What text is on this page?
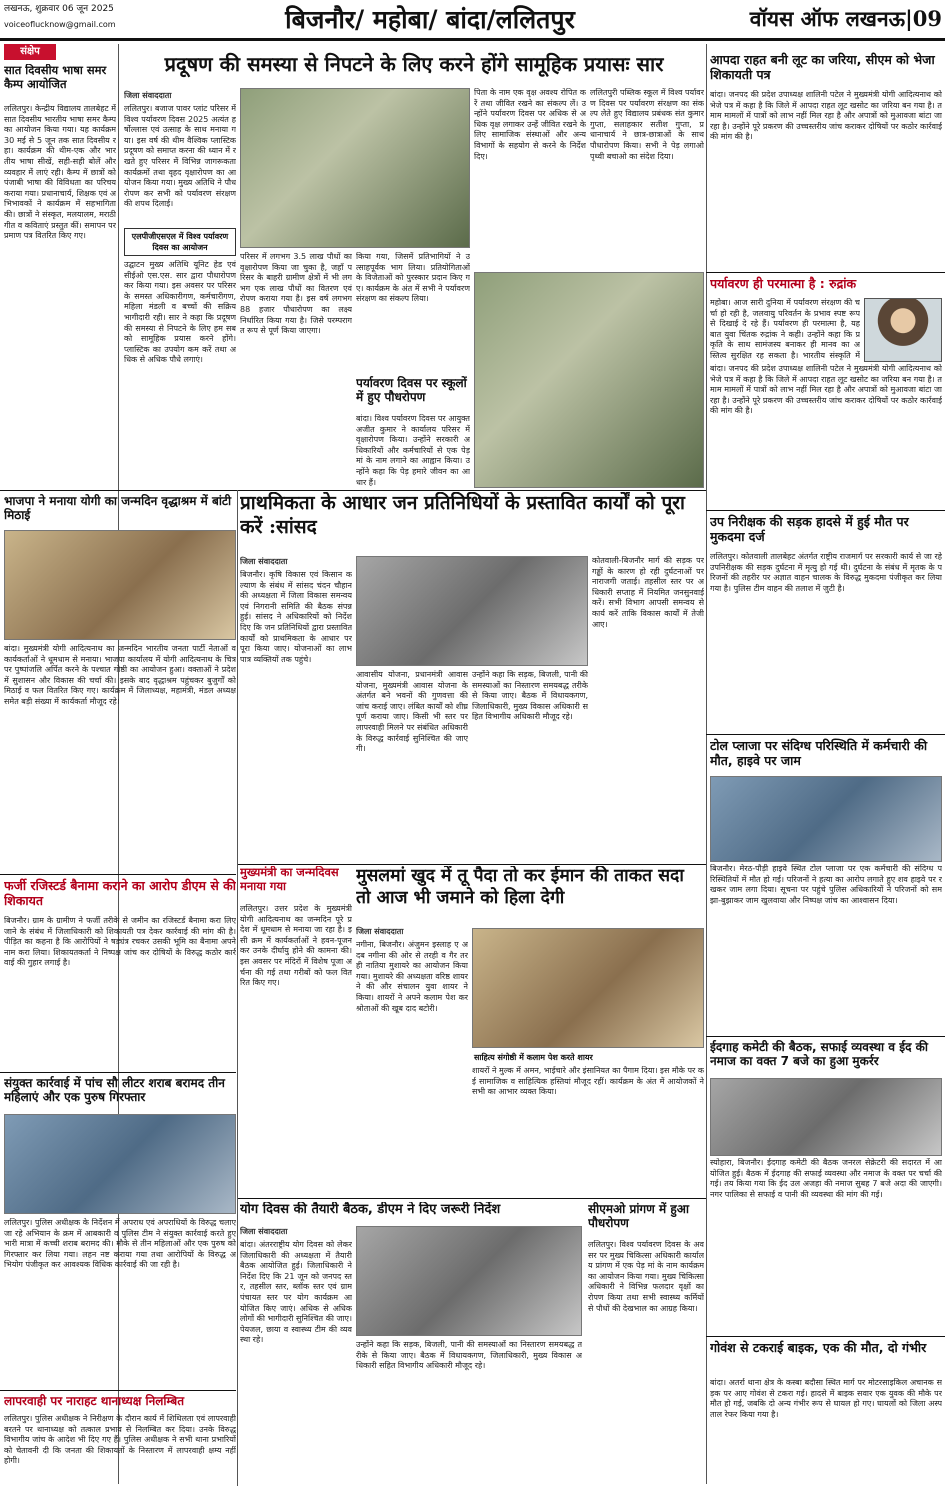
लखनऊ, शुक्रवार 06 जून 2025
voiceoflucknow@gmail.com	बिजनौर/ महोबा/ बांदा/ललितपुर	वॉयस ऑफ लखनऊ|09
संक्षेप
सात दिवसीय भाषा समर कैम्प आयोजित
ललितपुर। केन्द्रीय विद्यालय तालबेहट में सात दिवसीय भारतीय भाषा समर कैम्प का आयोजन किया गया। यह कार्यक्रम 30 मई से 5 जून तक सात दिवसीय रहा। कार्यक्रम की थीम-एक और भारतीय भाषा सीखें, सही-सही बोलें और व्यवहार में लाएं रही। कैम्प में छात्रों को पंजाबी भाषा की विविधता का परिचय कराया गया। प्रधानाचार्य, शिक्षक एवं अभिभावकों ने कार्यक्रम में सहभागिता की। छात्रों ने संस्कृत, मलयालम, मराठी गीत व कविताएं प्रस्तुत कीं। समापन पर प्रमाण पत्र वितरित किए गए।
भाजपा ने मनाया योगी का जन्मदिन वृद्धाश्रम में बांटी मिठाई
बांदा। मुख्यमंत्री योगी आदित्यनाथ का जन्मदिन भारतीय जनता पार्टी नेताओं व कार्यकर्ताओं ने धूमधाम से मनाया। भाजपा कार्यालय में योगी आदित्यनाथ के चित्र पर पुष्पांजलि अर्पित करने के पश्चात गोष्ठी का आयोजन हुआ। वक्ताओं ने प्रदेश में सुशासन और विकास की चर्चा की। इसके बाद वृद्धाश्रम पहुंचकर बुजुर्गों को मिठाई व फल वितरित किए गए। कार्यक्रम में जिलाध्यक्ष, महामंत्री, मंडल अध्यक्ष समेत बड़ी संख्या में कार्यकर्ता मौजूद रहे।
फर्जी रजिस्टर्ड बैनामा कराने का आरोप डीएम से की शिकायत
बिजनौर। ग्राम के ग्रामीण ने फर्जी तरीके से जमीन का रजिस्टर्ड बैनामा करा लिए जाने के संबंध में जिलाधिकारी को शिकायती पत्र देकर कार्रवाई की मांग की है। पीड़ित का कहना है कि आरोपियों ने षड्यंत्र रचकर उसकी भूमि का बैनामा अपने नाम करा लिया। शिकायतकर्ता ने निष्पक्ष जांच कर दोषियों के विरुद्ध कठोर कार्रवाई की गुहार लगाई है।
संयुक्त कार्रवाई में पांच सौ लीटर शराब बरामद तीन महिलाएं और एक पुरुष गिरफ्तार
ललितपुर। पुलिस अधीक्षक के निर्देशन में अपराध एवं अपराधियों के विरुद्ध चलाए जा रहे अभियान के क्रम में आबकारी व पुलिस टीम ने संयुक्त कार्रवाई करते हुए भारी मात्रा में कच्ची शराब बरामद की। मौके से तीन महिलाओं और एक पुरुष को गिरफ्तार कर लिया गया। लहन नष्ट कराया गया तथा आरोपियों के विरुद्ध अभियोग पंजीकृत कर आवश्यक विधिक कार्रवाई की जा रही है।
लापरवाही पर नाराहट थानाध्यक्ष निलम्बित
ललितपुर। पुलिस अधीक्षक ने निरीक्षण के दौरान कार्य में शिथिलता एवं लापरवाही बरतने पर थानाध्यक्ष को तत्काल प्रभाव से निलम्बित कर दिया। उनके विरुद्ध विभागीय जांच के आदेश भी दिए गए हैं। पुलिस अधीक्षक ने सभी थाना प्रभारियों को चेतावनी दी कि जनता की शिकायतों के निस्तारण में लापरवाही क्षम्य नहीं होगी।
प्रदूषण की समस्या से निपटने के लिए करने होंगे सामूहिक प्रयासः सार
जिला संवाददाता
ललितपुर। बजाज पावर प्लांट परिसर में विश्व पर्यावरण दिवस 2025 अत्यंत हर्षोल्लास एवं उत्साह के साथ मनाया गया। इस वर्ष की थीम वैश्विक प्लास्टिक प्रदूषण को समाप्त करना की ध्यान में रखते हुए परिसर में विभिन्न जागरूकता कार्यक्रमों तथा वृहद वृक्षारोपण का आयोजन किया गया। मुख्य अतिथि ने पौधरोपण कर सभी को पर्यावरण संरक्षण की शपथ दिलाई।
एलपीजीएसएल में विश्व पर्यावरण दिवस का आयोजन
उद्घाटन मुख्य अतिथि यूनिट हेड एवं सीईओ एस.एस. सार द्वारा पौधारोपण कर किया गया। इस अवसर पर परिसर के समस्त अधिकारीगण, कर्मचारीगण, महिला मंडली व बच्चों की सक्रिय भागीदारी रही। सार ने कहा कि प्रदूषण की समस्या से निपटने के लिए हम सबको सामूहिक प्रयास करने होंगे। प्लास्टिक का उपयोग कम करें तथा अधिक से अधिक पौधे लगाएं।
परिसर में लगभग 3.5 लाख पौधों का वृक्षारोपण किया जा चुका है, जहाँ परिसर के बाहरी ग्रामीण क्षेत्रों में भी लगभग एक लाख पौधों का वितरण एवं रोपण कराया गया है। इस वर्ष लगभग 88 हजार पौधारोपण का लक्ष्य निर्धारित किया गया है। जिसे परम्परागत रूप से पूर्ण किया जाएगा।
किया गया, जिसमें प्रतिभागियों ने उत्साहपूर्वक भाग लिया। प्रतियोगिताओं के विजेताओं को पुरस्कार प्रदान किए गए। कार्यक्रम के अंत में सभी ने पर्यावरण संरक्षण का संकल्प लिया।
पर्यावरण दिवस पर स्कूलों में हुए पौधरोपण
बांदा। विश्व पर्यावरण दिवस पर आयुक्त अजीत कुमार ने कार्यालय परिसर में वृक्षारोपण किया। उन्होंने सरकारी अधिकारियों और कर्मचारियों से एक पेड़ मां के नाम लगाने का आह्वान किया। उन्होंने कहा कि पेड़ हमारे जीवन का आधार हैं।
पिता के नाम एक वृक्ष अवश्य रोपित करें तथा जीवित रखने का संकल्प लें। उन्होंने पर्यावरण दिवस पर अधिक से अधिक वृक्ष लगाकर उन्हें जीवित रखने के लिए सामाजिक संस्थाओं और अन्य विभागों के सहयोग से करने के निर्देश दिए।
ललितपुरी पब्लिक स्कूल में विश्व पर्यावरण दिवस पर पर्यावरण संरक्षण का संकल्प लेते हुए विद्यालय प्रबंधक संत कुमार गुप्ता, सलाहकार सतीश गुप्ता, प्रधानाचार्य ने छात्र-छात्राओं के साथ पौधारोपण किया। सभी ने पेड़ लगाओ पृथ्वी बचाओ का संदेश दिया।
प्राथमिकता के आधार जन प्रतिनिधियों के प्रस्तावित कार्यों को पूरा करें :सांसद
जिला संवाददाता
बिजनौर। कृषि विकास एवं किसान कल्याण के संबंध में सांसद चंदन चौहान की अध्यक्षता में जिला विकास समन्वय एवं निगरानी समिति की बैठक संपन्न हुई। सांसद ने अधिकारियों को निर्देश दिए कि जन प्रतिनिधियों द्वारा प्रस्तावित कार्यों को प्राथमिकता के आधार पर पूरा किया जाए। योजनाओं का लाभ पात्र व्यक्तियों तक पहुंचे।
आवासीय योजना, प्रधानमंत्री आवास योजना, मुख्यमंत्री आवास योजना के अंतर्गत बने भवनों की गुणवत्ता की जांच कराई जाए। लंबित कार्यों को शीघ्र पूर्ण कराया जाए। किसी भी स्तर पर लापरवाही मिलने पर संबंधित अधिकारी के विरुद्ध कार्रवाई सुनिश्चित की जाएगी।
उन्होंने कहा कि सड़क, बिजली, पानी की समस्याओं का निस्तारण समयबद्ध तरीके से किया जाए। बैठक में विधायकगण, जिलाधिकारी, मुख्य विकास अधिकारी सहित विभागीय अधिकारी मौजूद रहे।
कोतवाली-बिजनौर मार्ग की सड़क पर गड्ढों के कारण हो रही दुर्घटनाओं पर नाराजगी जताई। तहसील स्तर पर अधिकारी सप्ताह में नियमित जनसुनवाई करें। सभी विभाग आपसी समन्वय से कार्य करें ताकि विकास कार्यों में तेजी आए।
मुख्यमंत्री का जन्मदिवस मनाया गया
ललितपुर। उत्तर प्रदेश के मुख्यमंत्री योगी आदित्यनाथ का जन्मदिन पूरे प्रदेश में धूमधाम से मनाया जा रहा है। इसी क्रम में कार्यकर्ताओं ने हवन-पूजन कर उनके दीर्घायु होने की कामना की। इस अवसर पर मंदिरों में विशेष पूजा अर्चना की गई तथा गरीबों को फल वितरित किए गए।
मुसलमां खुद में तू पैदा तो कर ईमान की ताकत सदा तो आज भी जमाने को हिला देगी
जिला संवाददाता
नगीना, बिजनौर। अंजुमन इस्लाह ए अदब नगीना की ओर से तरही व गैर तरही नातिया मुशायरे का आयोजन किया गया। मुशायरे की अध्यक्षता वरिष्ठ शायर ने की और संचालन युवा शायर ने किया। शायरों ने अपने कलाम पेश कर श्रोताओं की खूब दाद बटोरी।
साहित्य संगोष्ठी में कलाम पेश करते शायर
शायरों ने मुल्क में अमन, भाईचारे और इंसानियत का पैगाम दिया। इस मौके पर कई सामाजिक व साहित्यिक हस्तियां मौजूद रहीं। कार्यक्रम के अंत में आयोजकों ने सभी का आभार व्यक्त किया।
योग दिवस की तैयारी बैठक, डीएम ने दिए जरूरी निर्देश
जिला संवाददाता
बांदा। अंतरराष्ट्रीय योग दिवस को लेकर जिलाधिकारी की अध्यक्षता में तैयारी बैठक आयोजित हुई। जिलाधिकारी ने निर्देश दिए कि 21 जून को जनपद स्तर, तहसील स्तर, ब्लॉक स्तर एवं ग्राम पंचायत स्तर पर योग कार्यक्रम आयोजित किए जाएं। अधिक से अधिक लोगों की भागीदारी सुनिश्चित की जाए। पेयजल, छाया व स्वास्थ्य टीम की व्यवस्था रहे।
उन्होंने कहा कि सड़क, बिजली, पानी की समस्याओं का निस्तारण समयबद्ध तरीके से किया जाए। बैठक में विधायकगण, जिलाधिकारी, मुख्य विकास अधिकारी सहित विभागीय अधिकारी मौजूद रहे।
सीएमओ प्रांगण में हुआ पौधरोपण
ललितपुर। विश्व पर्यावरण दिवस के अवसर पर मुख्य चिकित्सा अधिकारी कार्यालय प्रांगण में एक पेड़ मां के नाम कार्यक्रम का आयोजन किया गया। मुख्य चिकित्सा अधिकारी ने विभिन्न फलदार वृक्षों का रोपण किया तथा सभी स्वास्थ्य कर्मियों से पौधों की देखभाल का आग्रह किया।
आपदा राहत बनी लूट का जरिया, सीएम को भेजा शिकायती पत्र
बांदा। जनपद की प्रदेश उपाध्यक्ष शालिनी पटेल ने मुख्यमंत्री योगी आदित्यनाथ को भेजे पत्र में कहा है कि जिले में आपदा राहत लूट खसोट का जरिया बन गया है। तमाम मामलों में पात्रों को लाभ नहीं मिल रहा है और अपात्रों को मुआवजा बांटा जा रहा है। उन्होंने पूरे प्रकरण की उच्चस्तरीय जांच कराकर दोषियों पर कठोर कार्रवाई की मांग की है।
पर्यावरण ही परमात्मा है : रुद्रांक
महोबा। आज सारी दुनिया में पर्यावरण संरक्षण की चर्चा हो रही है, जलवायु परिवर्तन के प्रभाव स्पष्ट रूप से दिखाई दे रहे हैं। पर्यावरण ही परमात्मा है, यह बात युवा चिंतक रुद्रांक ने कही। उन्होंने कहा कि प्रकृति के साथ सामंजस्य बनाकर ही मानव का अस्तित्व सुरक्षित रह सकता है। भारतीय संस्कृति में
बांदा। जनपद की प्रदेश उपाध्यक्ष शालिनी पटेल ने मुख्यमंत्री योगी आदित्यनाथ को भेजे पत्र में कहा है कि जिले में आपदा राहत लूट खसोट का जरिया बन गया है। तमाम मामलों में पात्रों को लाभ नहीं मिल रहा है और अपात्रों को मुआवजा बांटा जा रहा है। उन्होंने पूरे प्रकरण की उच्चस्तरीय जांच कराकर दोषियों पर कठोर कार्रवाई की मांग की है।
उप निरीक्षक की सड़क हादसे में हुई मौत पर मुकदमा दर्ज
ललितपुर। कोतवाली तालबेहट अंतर्गत राष्ट्रीय राजमार्ग पर सरकारी कार्य से जा रहे उपनिरीक्षक की सड़क दुर्घटना में मृत्यु हो गई थी। दुर्घटना के संबंध में मृतक के परिजनों की तहरीर पर अज्ञात वाहन चालक के विरुद्ध मुकदमा पंजीकृत कर लिया गया है। पुलिस टीम वाहन की तलाश में जुटी है।
टोल प्लाजा पर संदिग्ध परिस्थिति में कर्मचारी की मौत, हाइवे पर जाम
बिजनौर। मेरठ-पौड़ी हाइवे स्थित टोल प्लाजा पर एक कर्मचारी की संदिग्ध परिस्थितियों में मौत हो गई। परिजनों ने हत्या का आरोप लगाते हुए शव हाइवे पर रखकर जाम लगा दिया। सूचना पर पहुंचे पुलिस अधिकारियों ने परिजनों को समझा-बुझाकर जाम खुलवाया और निष्पक्ष जांच का आश्वासन दिया।
ईदगाह कमेटी की बैठक, सफाई व्यवस्था व ईद की नमाज का वक्त 7 बजे का हुआ मुकर्रर
स्योहारा, बिजनौर। ईदगाह कमेटी की बैठक जनरल सेक्रेटरी की सदारत में आयोजित हुई। बैठक में ईदगाह की सफाई व्यवस्था और नमाज के वक्त पर चर्चा की गई। तय किया गया कि ईद उल अजहा की नमाज सुबह 7 बजे अदा की जाएगी। नगर पालिका से सफाई व पानी की व्यवस्था की मांग की गई।
गोवंश से टकराई बाइक, एक की मौत, दो गंभीर
बांदा। अतर्रा थाना क्षेत्र के कस्बा बदौसा स्थित मार्ग पर मोटरसाइकिल अचानक सड़क पर आए गोवंश से टकरा गई। हादसे में बाइक सवार एक युवक की मौके पर मौत हो गई, जबकि दो अन्य गंभीर रूप से घायल हो गए। घायलों को जिला अस्पताल रेफर किया गया है।
